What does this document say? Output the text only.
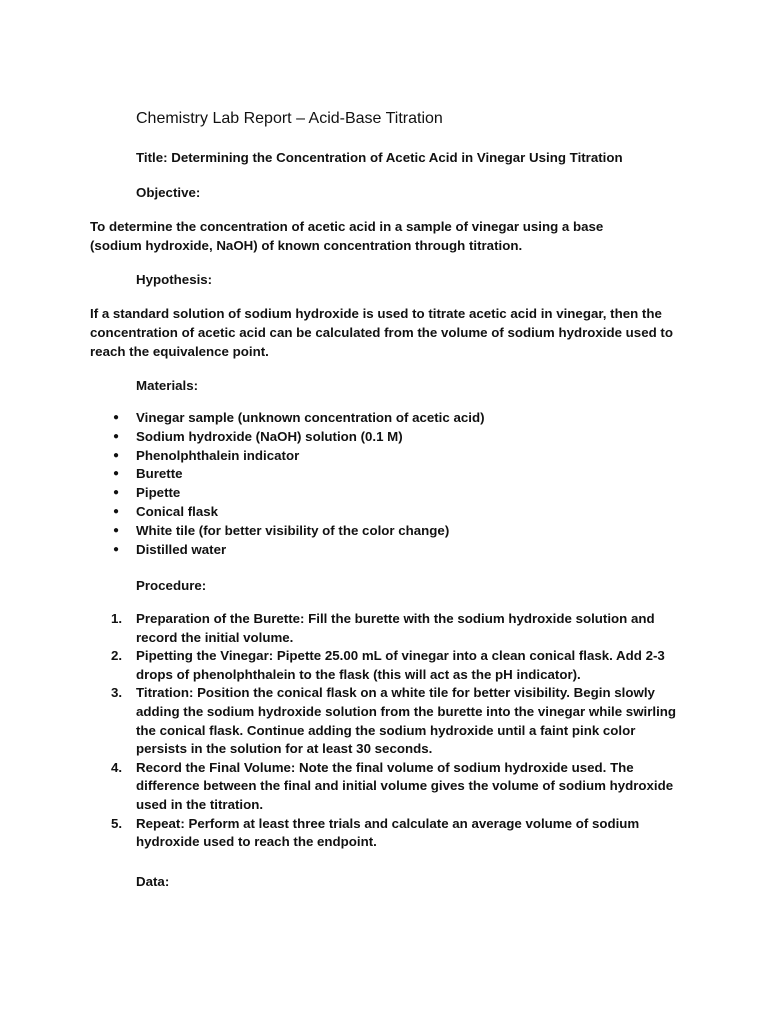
Chemistry Lab Report – Acid-Base Titration

Title: Determining the Concentration of Acetic Acid in Vinegar Using Titration

Objective:

To determine the concentration of acetic acid in a sample of vinegar using a base (sodium hydroxide, NaOH) of known concentration through titration.

Hypothesis:

If a standard solution of sodium hydroxide is used to titrate acetic acid in vinegar, then the concentration of acetic acid can be calculated from the volume of sodium hydroxide used to reach the equivalence point.

Materials:

● Vinegar sample (unknown concentration of acetic acid)
● Sodium hydroxide (NaOH) solution (0.1 M)
● Phenolphthalein indicator
● Burette
● Pipette
● Conical flask
● White tile (for better visibility of the color change)
● Distilled water

Procedure:

1. Preparation of the Burette: Fill the burette with the sodium hydroxide solution and record the initial volume.
2. Pipetting the Vinegar: Pipette 25.00 mL of vinegar into a clean conical flask. Add 2-3 drops of phenolphthalein to the flask (this will act as the pH indicator).
3. Titration: Position the conical flask on a white tile for better visibility. Begin slowly adding the sodium hydroxide solution from the burette into the vinegar while swirling the conical flask. Continue adding the sodium hydroxide until a faint pink color persists in the solution for at least 30 seconds.
4. Record the Final Volume: Note the final volume of sodium hydroxide used. The difference between the final and initial volume gives the volume of sodium hydroxide used in the titration.
5. Repeat: Perform at least three trials and calculate an average volume of sodium hydroxide used to reach the endpoint.

Data:
